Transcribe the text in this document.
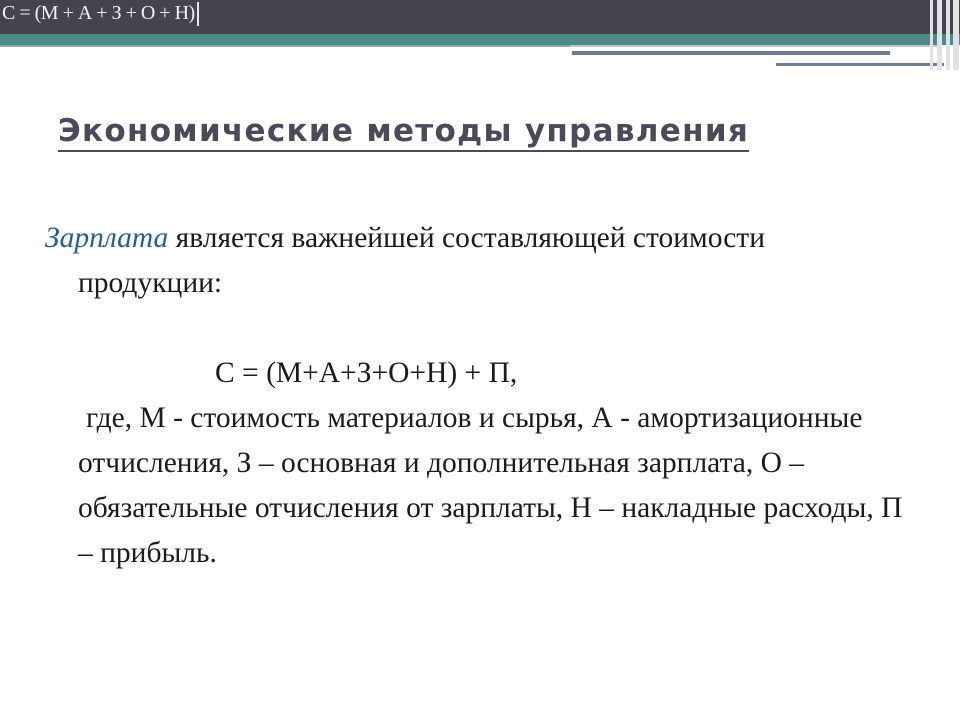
С = (М + А + З + О + Н)
Экономические методы управления

Зарплата является важнейшей составляющей стоимости продукции:

С = (М+А+З+О+Н) + П,

где, М - стоимость материалов и сырья, А - амортизационные отчисления, З – основная и дополнительная зарплата, О – обязательные отчисления от зарплаты, Н – накладные расходы, П – прибыль.
